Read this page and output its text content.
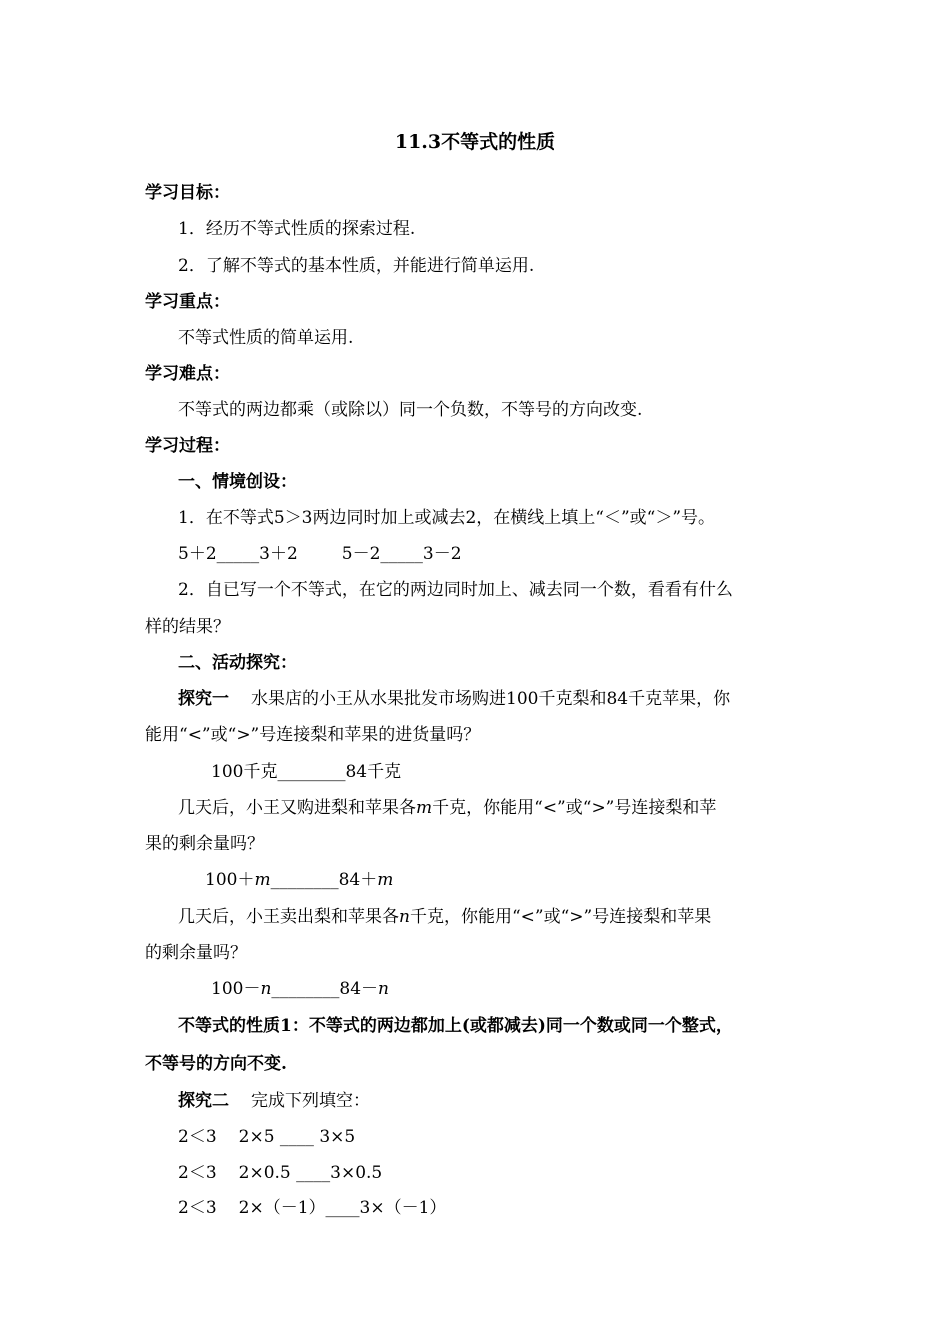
11.3不等式的性质
学习目标：
1．经历不等式性质的探索过程.
2．了解不等式的基本性质，并能进行简单运用.
学习重点：
不等式性质的简单运用.
学习难点：
不等式的两边都乘（或除以）同一个负数，不等号的方向改变.
学习过程：
一、情境创设：
1．在不等式5＞3两边同时加上或减去2，在横线上填上“＜”或“＞”号。
5＋2_____3＋2	5－2_____3－2
2．自已写一个不等式，在它的两边同时加上、减去同一个数，看看有什么
样的结果？
二、活动探究：
探究一 水果店的小王从水果批发市场购进100千克梨和84千克苹果，你
能用“<”或“>”号连接梨和苹果的进货量吗？
100千克________84千克
几天后，小王又购进梨和苹果各m千克，你能用“<”或“>”号连接梨和苹
果的剩余量吗？
100＋m________84＋m
几天后，小王卖出梨和苹果各n千克，你能用“<”或“>”号连接梨和苹果
的剩余量吗？
100－n________84－n
不等式的性质1：不等式的两边都加上(或都减去)同一个数或同一个整式，
不等号的方向不变.
探究二 完成下列填空：
2＜3 2×5 ____ 3×5
2＜3 2×0.5 ____3×0.5
2＜3 2×（－1）____3×（－1）
